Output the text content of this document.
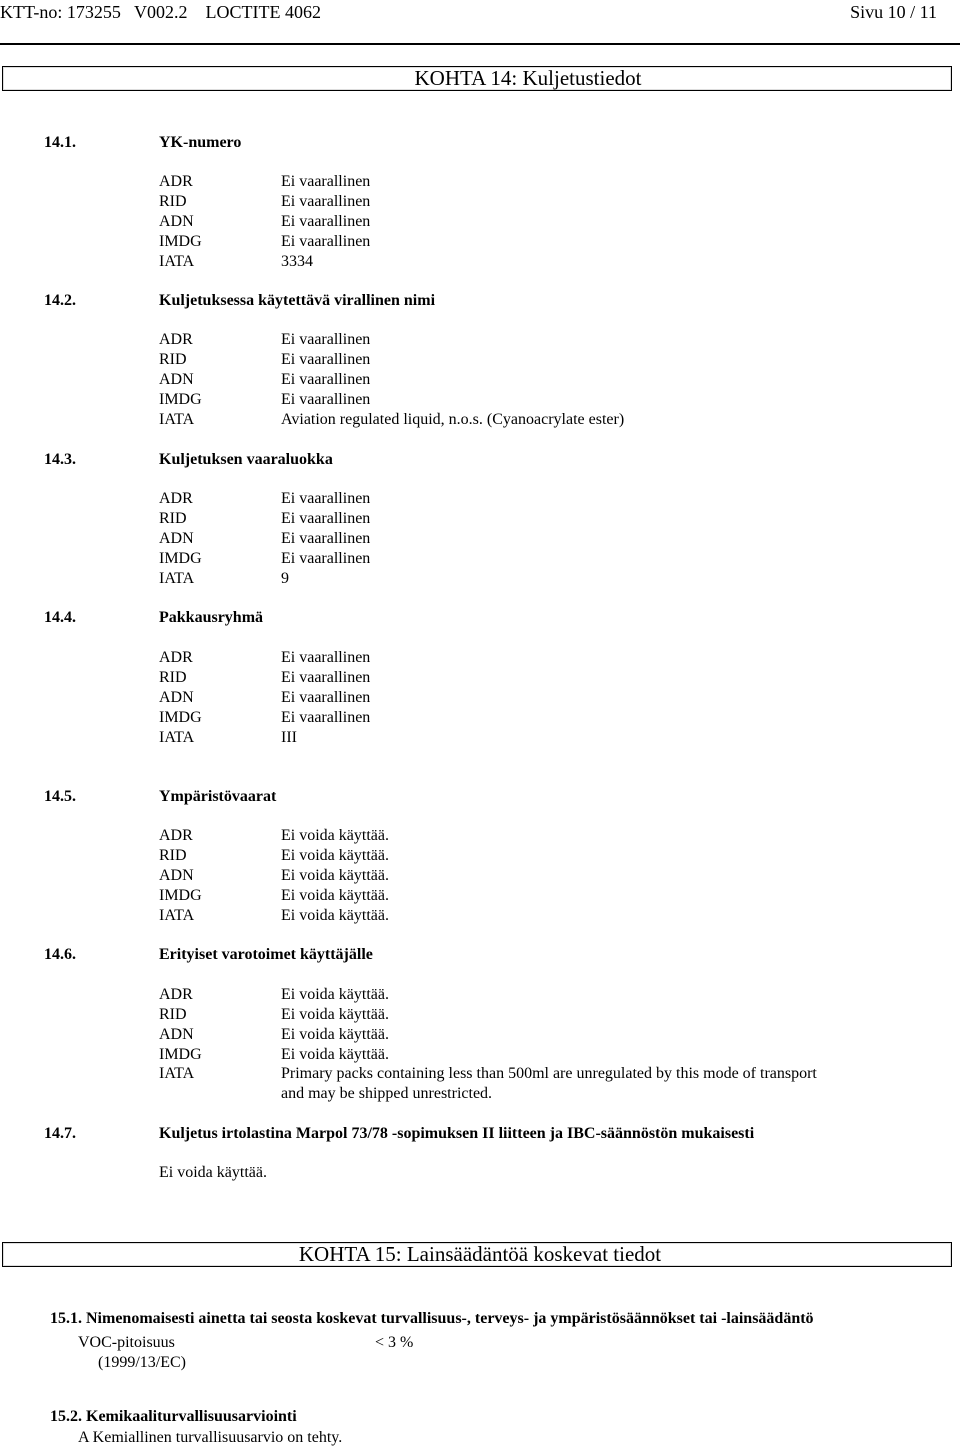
KTT-no: 173255   V002.2    LOCTITE 4062	Sivu 10 / 11
KOHTA 14: Kuljetustiedot
14.1.	YK-numero
ADR	Ei vaarallinen
RID	Ei vaarallinen
ADN	Ei vaarallinen
IMDG	Ei vaarallinen
IATA	3334
14.2.	Kuljetuksessa käytettävä virallinen nimi
ADR	Ei vaarallinen
RID	Ei vaarallinen
ADN	Ei vaarallinen
IMDG	Ei vaarallinen
IATA	Aviation regulated liquid, n.o.s. (Cyanoacrylate ester)
14.3.	Kuljetuksen vaaraluokka
ADR	Ei vaarallinen
RID	Ei vaarallinen
ADN	Ei vaarallinen
IMDG	Ei vaarallinen
IATA	9
14.4.	Pakkausryhmä
ADR	Ei vaarallinen
RID	Ei vaarallinen
ADN	Ei vaarallinen
IMDG	Ei vaarallinen
IATA	III
14.5.	Ympäristövaarat
ADR	Ei voida käyttää.
RID	Ei voida käyttää.
ADN	Ei voida käyttää.
IMDG	Ei voida käyttää.
IATA	Ei voida käyttää.
14.6.	Erityiset varotoimet käyttäjälle
ADR	Ei voida käyttää.
RID	Ei voida käyttää.
ADN	Ei voida käyttää.
IMDG	Ei voida käyttää.
IATA	Primary packs containing less than 500ml are unregulated by this mode of transport
and may be shipped unrestricted.
14.7.	Kuljetus irtolastina Marpol 73/78 -sopimuksen II liitteen ja IBC-säännöstön mukaisesti
Ei voida käyttää.
KOHTA 15: Lainsäädäntöä koskevat tiedot
15.1. Nimenomaisesti ainetta tai seosta koskevat turvallisuus-, terveys- ja ympäristösäännökset tai -lainsäädäntö
VOC-pitoisuus	< 3 %
(1999/13/EC)
15.2. Kemikaaliturvallisuusarviointi
A Kemiallinen turvallisuusarvio on tehty.
